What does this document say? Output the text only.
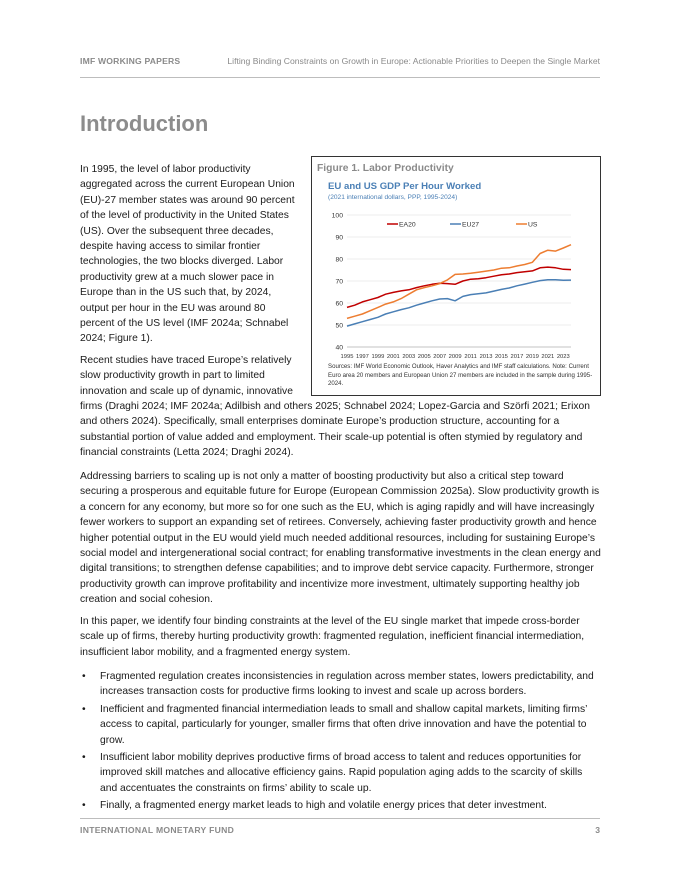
IMF WORKING PAPERS	Lifting Binding Constraints on Growth in Europe: Actionable Priorities to Deepen the Single Market
Introduction

In 1995, the level of labor productivity aggregated across the current European Union (EU)-27 member states was around 90 percent of the level of productivity in the United States (US). Over the subsequent three decades, despite having access to similar frontier technologies, the two blocks diverged. Labor productivity grew at a much slower pace in Europe than in the US such that, by 2024, output per hour in the EU was around 80 percent of the US level (IMF 2024a; Schnabel 2024; Figure 1).

Recent studies have traced Europe’s relatively slow productivity growth in part to limited innovation and scale up of dynamic, innovative

firms (Draghi 2024; IMF 2024a; Adilbish and others 2025; Schnabel 2024; Lopez-Garcia and Szörfi 2021; Erixon and others 2024). Specifically, small enterprises dominate Europe’s production structure, accounting for a substantial portion of value added and employment. Their scale-up potential is often stymied by regulatory and financial constraints (Letta 2024; Draghi 2024).

Addressing barriers to scaling up is not only a matter of boosting productivity but also a critical step toward securing a prosperous and equitable future for Europe (European Commission 2025a). Slow productivity growth is a concern for any economy, but more so for one such as the EU, which is aging rapidly and will have increasingly fewer workers to support an expanding set of retirees. Conversely, achieving faster productivity growth and hence higher potential output in the EU would yield much needed additional resources, including for sustaining Europe’s social model and intergenerational social contract; for enabling transformative investments in the clean energy and digital transitions; to strengthen defense capabilities; and to improve debt service capacity. Furthermore, stronger productivity growth can improve profitability and incentivize more investment, ultimately supporting healthy job creation and social cohesion.

In this paper, we identify four binding constraints at the level of the EU single market that impede cross-border scale up of firms, thereby hurting productivity growth: fragmented regulation, inefficient financial intermediation, insufficient labor mobility, and a fragmented energy system.

• Fragmented regulation creates inconsistencies in regulation across member states, lowers predictability, and increases transaction costs for productive firms looking to invest and scale up across borders.
• Inefficient and fragmented financial intermediation leads to small and shallow capital markets, limiting firms’ access to capital, particularly for younger, smaller firms that often drive innovation and have the potential to grow.
• Insufficient labor mobility deprives productive firms of broad access to talent and reduces opportunities for improved skill matches and allocative efficiency gains. Rapid population aging adds to the scarcity of skills and accentuates the constraints on firms’ ability to scale up.
• Finally, a fragmented energy market leads to high and volatile energy prices that deter investment.
Figure 1. Labor Productivity
EU and US GDP Per Hour Worked
(2021 international dollars, PPP, 1995-2024)
40
50
60
70
80
90
100
1995 1997 1999 2001 2003 2005 2007 2009 2011 2013 2015 2017 2019 2021 2023
EA20	EU27	US
Sources: IMF World Economic Outlook, Haver Analytics and IMF staff calculations. Note: Current Euro area 20 members and European Union 27 members are included in the sample during 1995-2024.
INTERNATIONAL MONETARY FUND	3
